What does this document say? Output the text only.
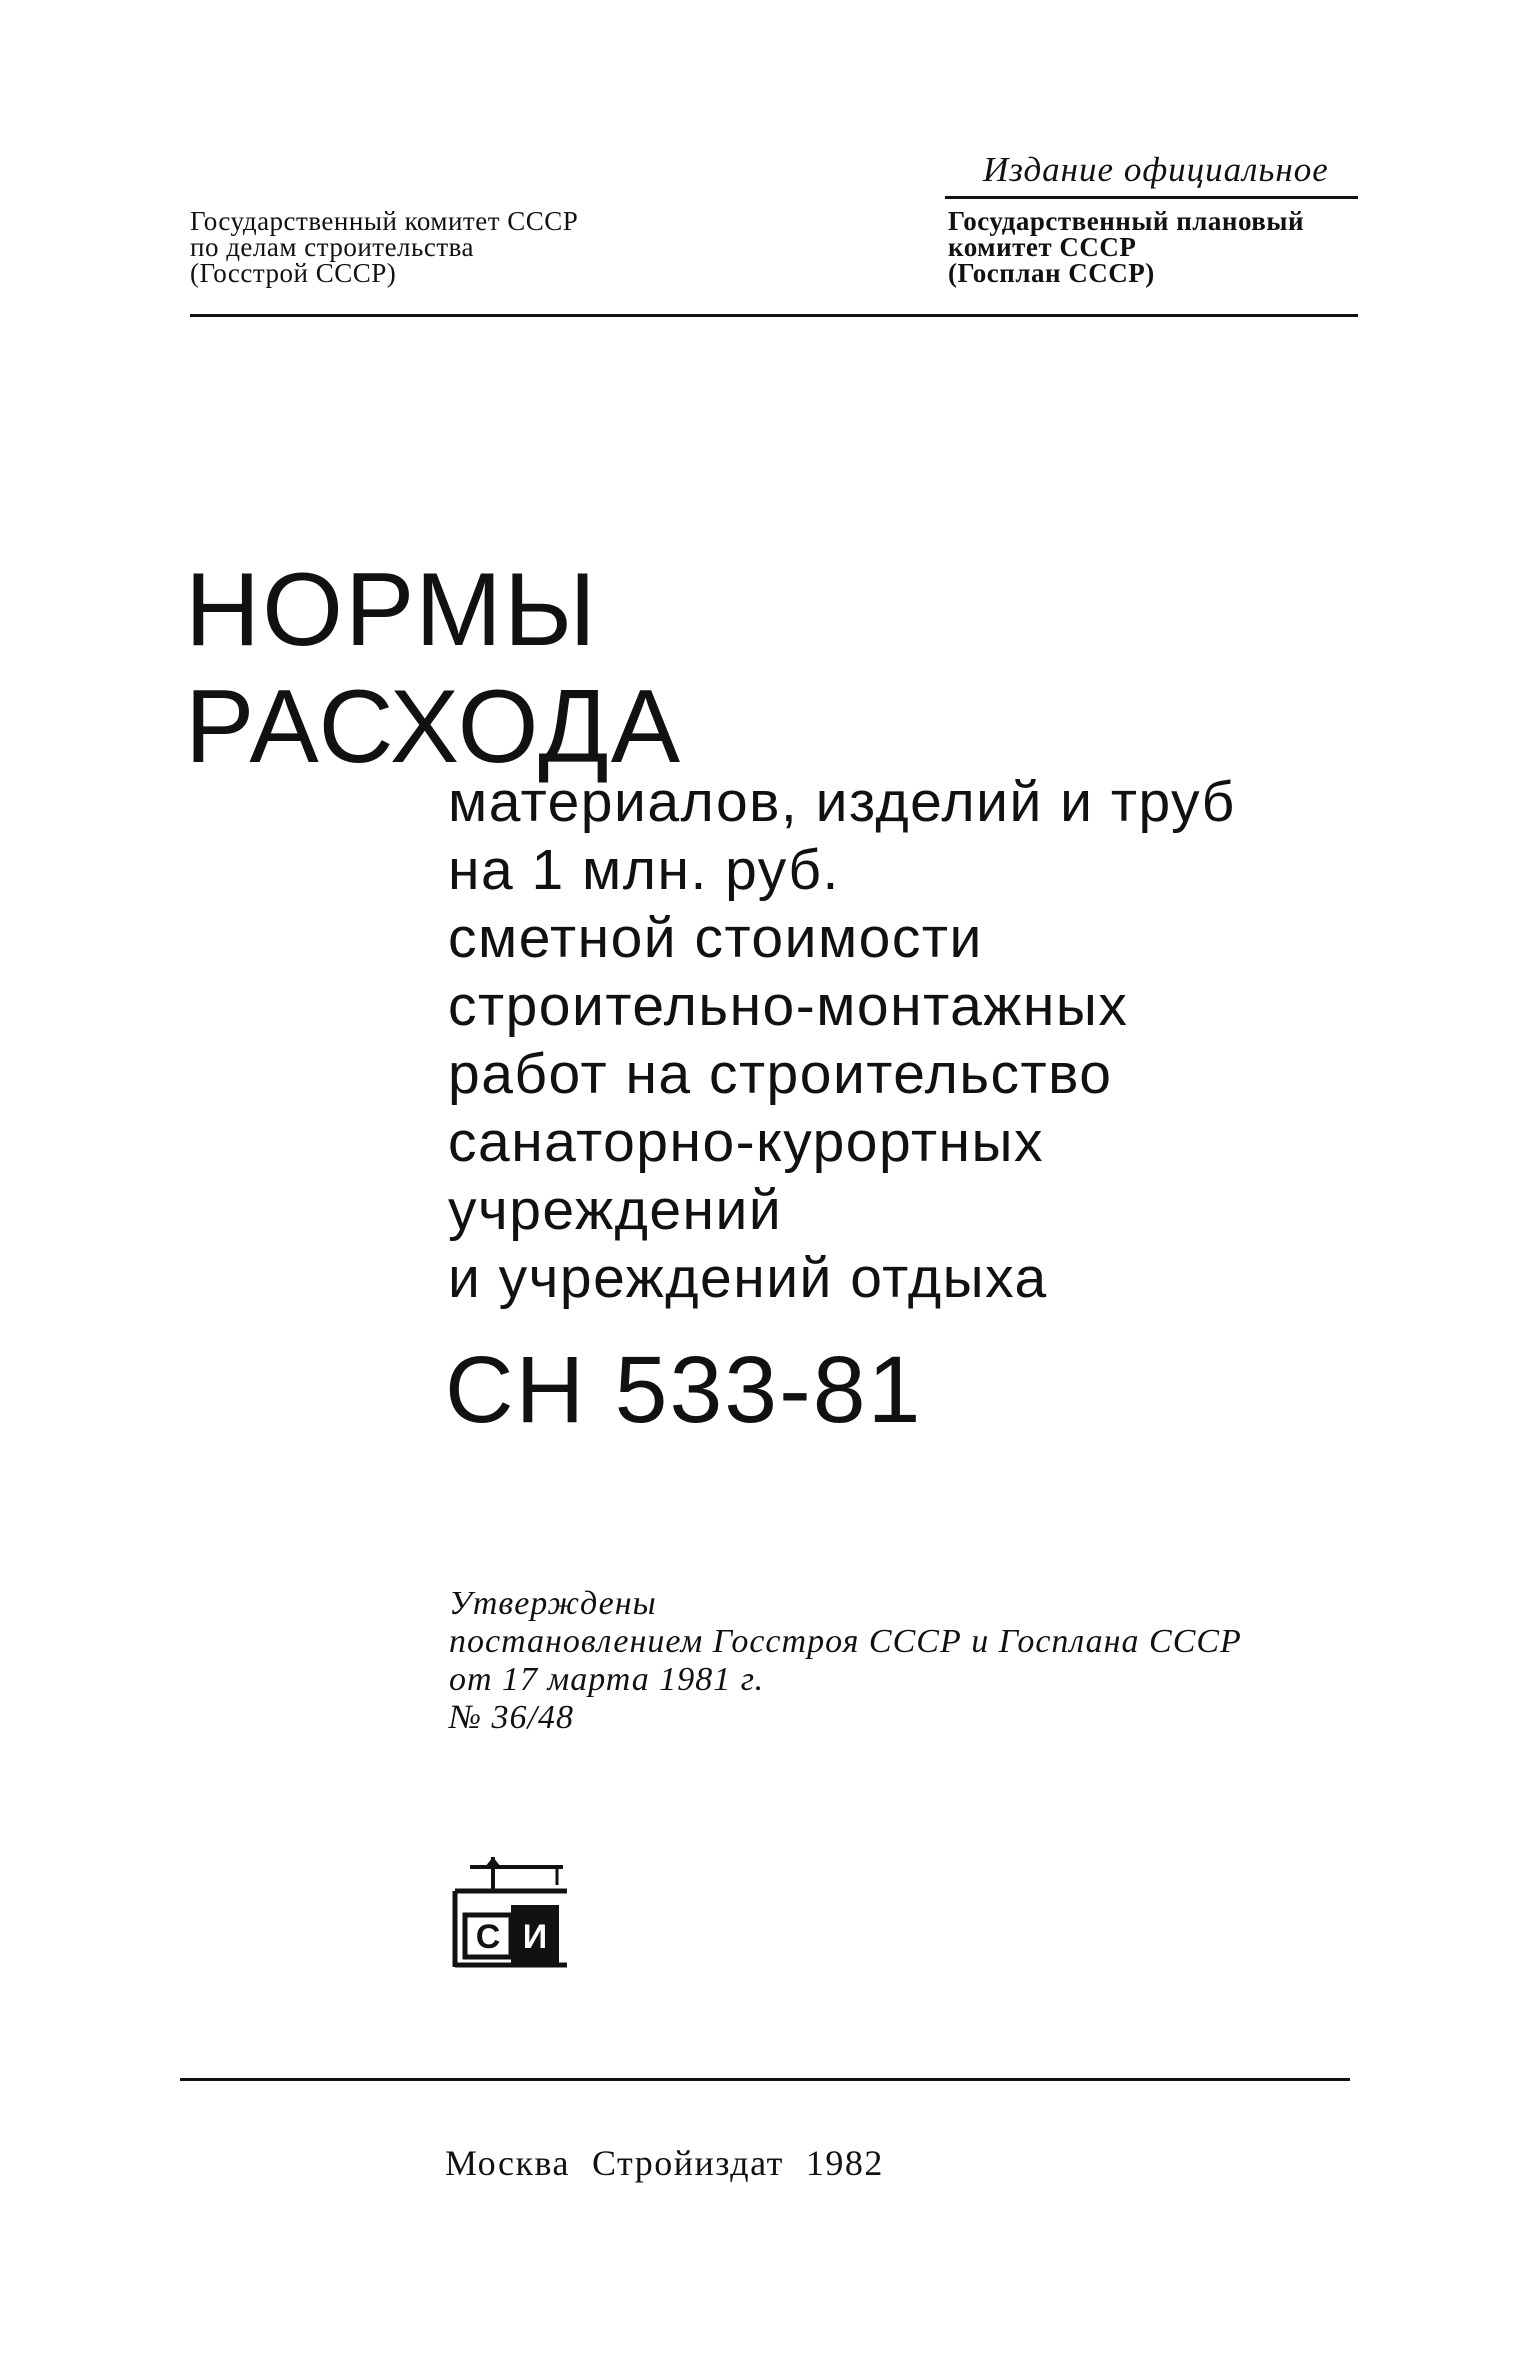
Издание официальное
Государственный комитет СССР
по делам строительства
(Госстрой СССР)
Государственный плановый
комитет СССР
(Госплан СССР)
НОРМЫ
РАСХОДА
материалов, изделий и труб
на 1 млн. руб.
сметной стоимости
строительно-монтажных
работ на строительство
санаторно-курортных
учреждений
и учреждений отдыха
СН 533-81
Утверждены
постановлением Госстроя СССР и Госплана СССР
от 17 марта 1981 г.
№ 36/48
С И
Москва Стройиздат 1982
